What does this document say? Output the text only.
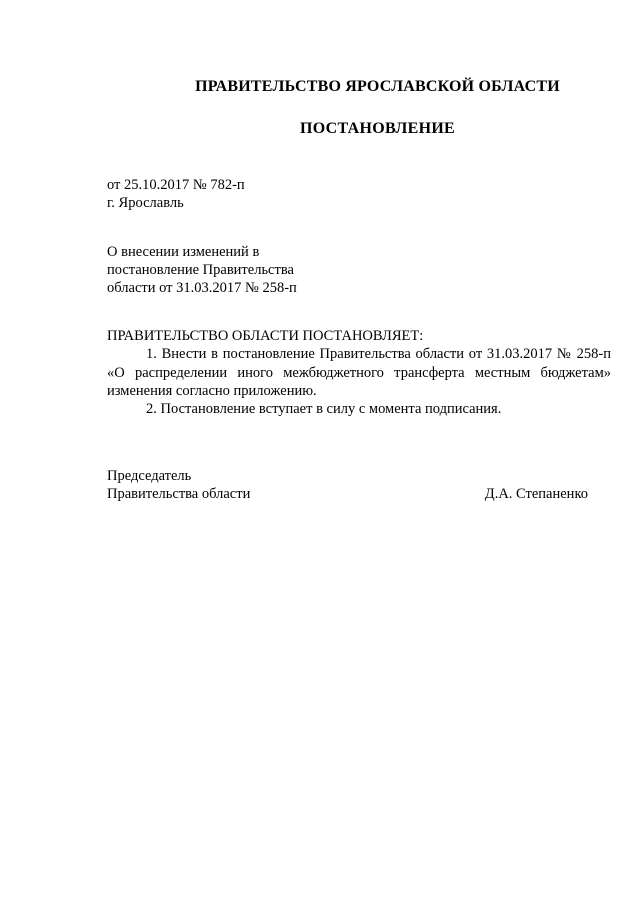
ПРАВИТЕЛЬСТВО ЯРОСЛАВСКОЙ ОБЛАСТИ
ПОСТАНОВЛЕНИЕ
от 25.10.2017 № 782-п
г. Ярославль
О внесении изменений в
постановление Правительства
области от 31.03.2017 № 258-п
ПРАВИТЕЛЬСТВО ОБЛАСТИ ПОСТАНОВЛЯЕТ:
1. Внести в постановление Правительства области от 31.03.2017 № 258-п «О распределении иного межбюджетного трансферта местным бюджетам» изменения согласно приложению.
2. Постановление вступает в силу с момента подписания.
Председатель
Правительства области	Д.А. Степаненко
